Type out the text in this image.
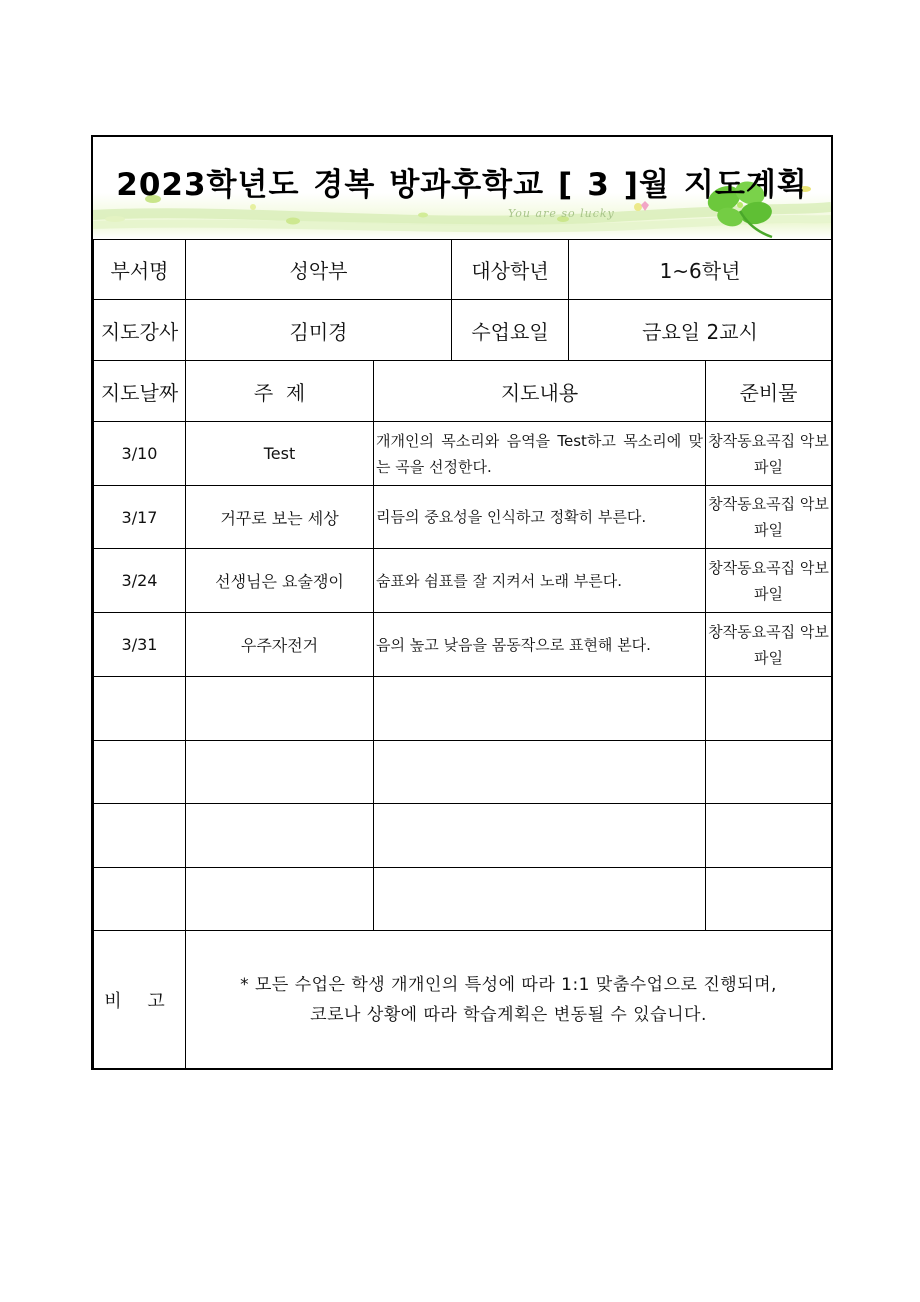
2023학년도 경복 방과후학교 [ 3 ]월 지도계획
You are so lucky
부서명	성악부		대상학년	1~6학년	
지도강사	김미경		수업요일	금요일 2교시	
지도날짜	주  제	지도내용			준비물
3/10	Test	개개인의 목소리와 음역을 Test하고 목소리에 맞는 곡을 선정한다.			창작동요곡집 악보파일
3/17	거꾸로 보는 세상	리듬의 중요성을 인식하고 정확히 부른다.			창작동요곡집 악보파일
3/24	선생님은 요술쟁이	숨표와 쉼표를 잘 지켜서 노래 부른다.			창작동요곡집 악보파일
3/31	우주자전거	음의 높고 낮음을 몸동작으로 표현해 본다.			창작동요곡집 악보파일

비 고	* 모든 수업은 학생 개개인의 특성에 따라 1:1 맞춤수업으로 진행되며,
코로나 상황에 따라 학습계획은 변동될 수 있습니다.				
